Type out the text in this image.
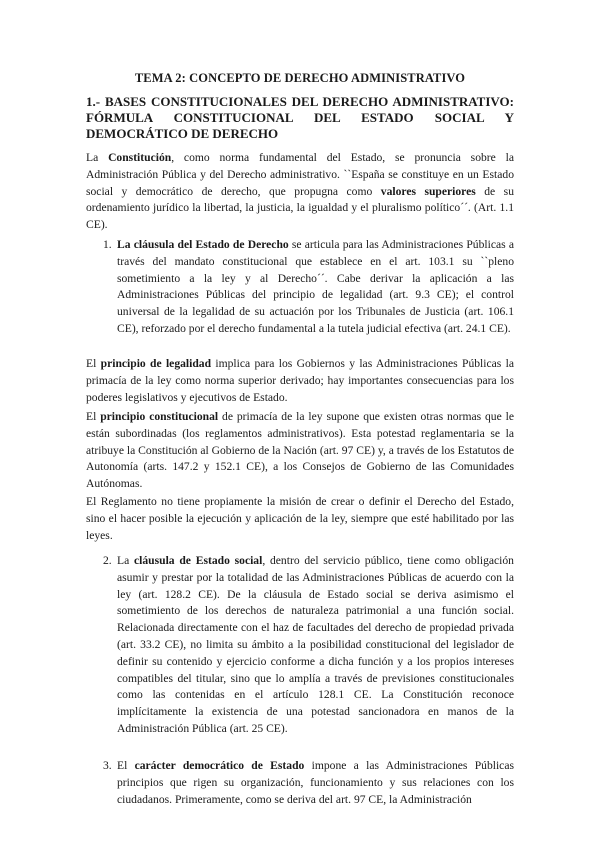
TEMA 2: CONCEPTO DE DERECHO ADMINISTRATIVO
1.- BASES CONSTITUCIONALES DEL DERECHO ADMINISTRATIVO: FÓRMULA CONSTITUCIONAL DEL ESTADO SOCIAL Y DEMOCRÁTICO DE DERECHO
La Constitución, como norma fundamental del Estado, se pronuncia sobre la Administración Pública y del Derecho administrativo. ``España se constituye en un Estado social y democrático de derecho, que propugna como valores superiores de su ordenamiento jurídico la libertad, la justicia, la igualdad y el pluralismo político´´. (Art. 1.1 CE).
1. La cláusula del Estado de Derecho se articula para las Administraciones Públicas a través del mandato constitucional que establece en el art. 103.1 su ``pleno sometimiento a la ley y al Derecho´´. Cabe derivar la aplicación a las Administraciones Públicas del principio de legalidad (art. 9.3 CE); el control universal de la legalidad de su actuación por los Tribunales de Justicia (art. 106.1 CE), reforzado por el derecho fundamental a la tutela judicial efectiva (art. 24.1 CE).
El principio de legalidad implica para los Gobiernos y las Administraciones Públicas la primacía de la ley como norma superior derivado; hay importantes consecuencias para los poderes legislativos y ejecutivos de Estado.
El principio constitucional de primacía de la ley supone que existen otras normas que le están subordinadas (los reglamentos administrativos). Esta potestad reglamentaria se la atribuye la Constitución al Gobierno de la Nación (art. 97 CE) y, a través de los Estatutos de Autonomía (arts. 147.2 y 152.1 CE), a los Consejos de Gobierno de las Comunidades Autónomas.
El Reglamento no tiene propiamente la misión de crear o definir el Derecho del Estado, sino el hacer posible la ejecución y aplicación de la ley, siempre que esté habilitado por las leyes.
2. La cláusula de Estado social, dentro del servicio público, tiene como obligación asumir y prestar por la totalidad de las Administraciones Públicas de acuerdo con la ley (art. 128.2 CE). De la cláusula de Estado social se deriva asimismo el sometimiento de los derechos de naturaleza patrimonial a una función social. Relacionada directamente con el haz de facultades del derecho de propiedad privada (art. 33.2 CE), no limita su ámbito a la posibilidad constitucional del legislador de definir su contenido y ejercicio conforme a dicha función y a los propios intereses compatibles del titular, sino que lo amplía a través de previsiones constitucionales como las contenidas en el artículo 128.1 CE. La Constitución reconoce implícitamente la existencia de una potestad sancionadora en manos de la Administración Pública (art. 25 CE).
3. El carácter democrático de Estado impone a las Administraciones Públicas principios que rigen su organización, funcionamiento y sus relaciones con los ciudadanos. Primeramente, como se deriva del art. 97 CE, la Administración
